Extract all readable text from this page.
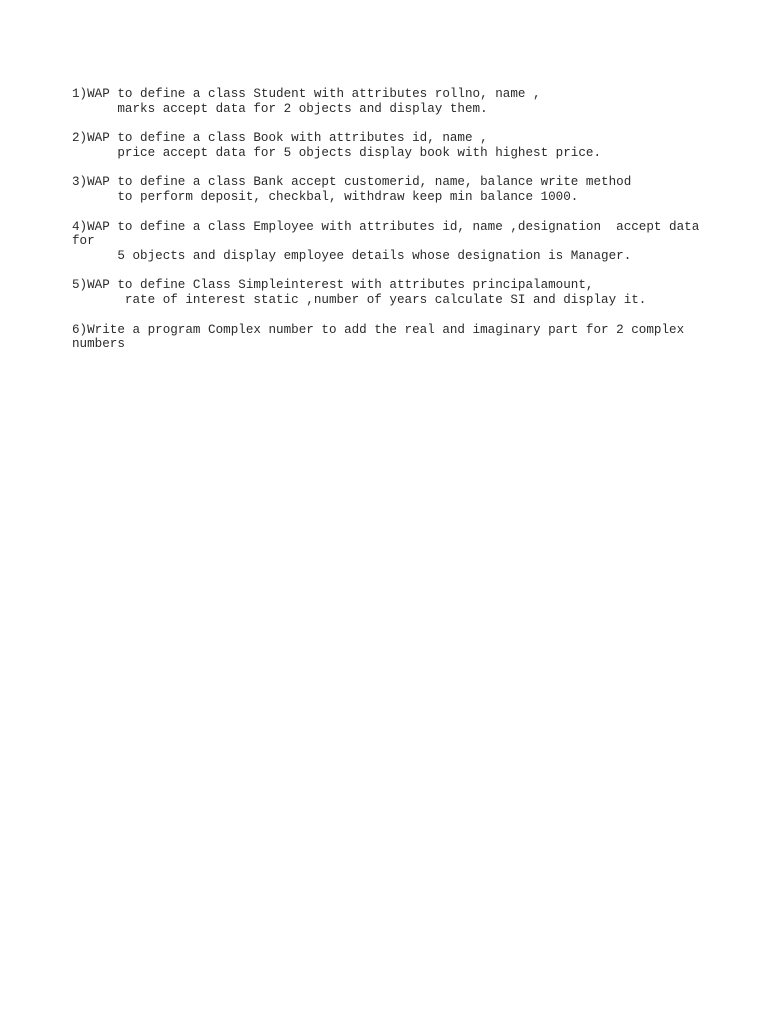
1)WAP to define a class Student with attributes rollno, name ,
marks accept data for 2 objects and display them.
2)WAP to define a class Book with attributes id, name ,
price accept data for 5 objects display book with highest price.
3)WAP to define a class Bank accept customerid, name, balance write method
to perform deposit, checkbal, withdraw keep min balance 1000.
4)WAP to define a class Employee with attributes id, name ,designation  accept data
for
5 objects and display employee details whose designation is Manager.
5)WAP to define Class Simpleinterest with attributes principalamount,
rate of interest static ,number of years calculate SI and display it.
6)Write a program Complex number to add the real and imaginary part for 2 complex
numbers
